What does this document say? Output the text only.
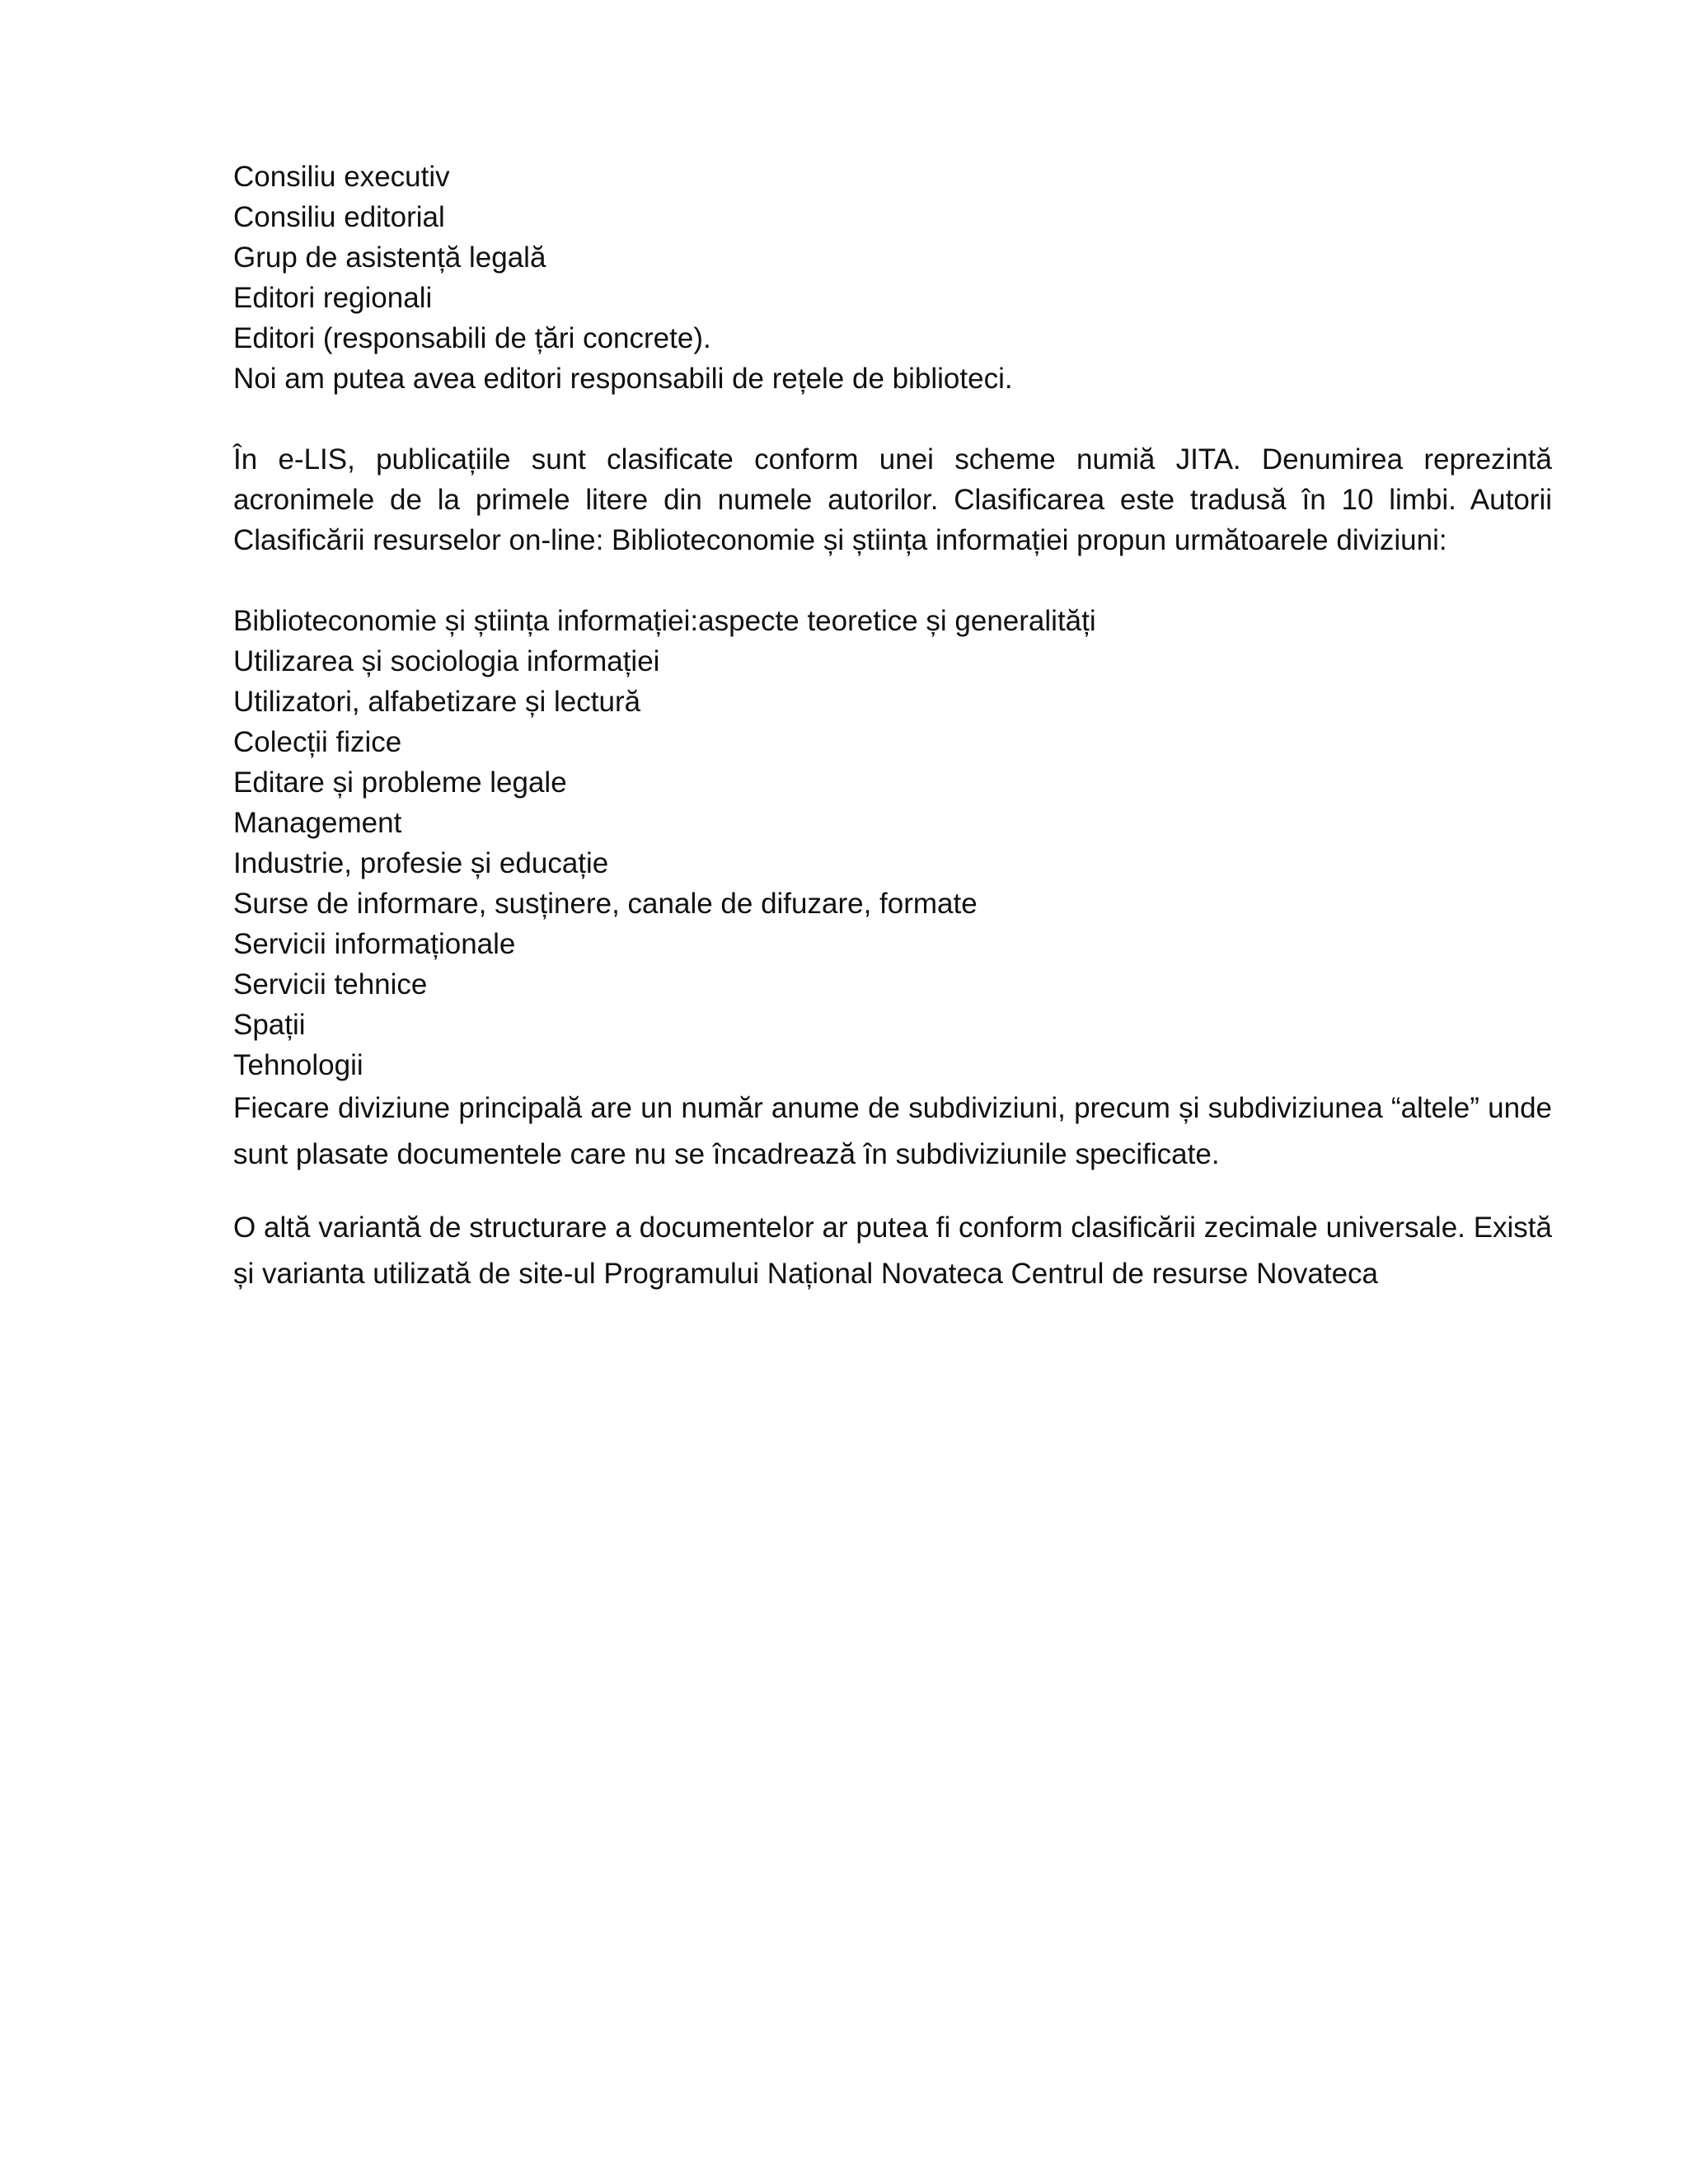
Consiliu executiv
Consiliu editorial
Grup de asistență legală
Editori regionali
Editori (responsabili de țări concrete).
Noi am putea avea editori responsabili de rețele de biblioteci.

În e-LIS, publicațiile sunt clasificate conform unei scheme numiă JITA. Denumirea reprezintă acronimele de la primele litere din numele autorilor. Clasificarea este tradusă în 10 limbi. Autorii Clasificării resurselor on-line: Biblioteconomie și știința informației propun următoarele diviziuni:

Biblioteconomie și știința informației:aspecte teoretice și generalități
Utilizarea și sociologia informației
Utilizatori, alfabetizare și lectură
Colecții fizice
Editare și probleme legale
Management
Industrie, profesie și educație
Surse de informare, susținere, canale de difuzare, formate
Servicii informaționale
Servicii tehnice
Spații
Tehnologii

Fiecare diviziune principală are un număr anume de subdiviziuni, precum și subdiviziunea “altele” unde sunt plasate documentele care nu se încadrează în subdiviziunile specificate.

O altă variantă de structurare a documentelor ar putea fi conform clasificării zecimale universale. Există și varianta utilizată de site-ul Programului Național Novateca Centrul de resurse Novateca
